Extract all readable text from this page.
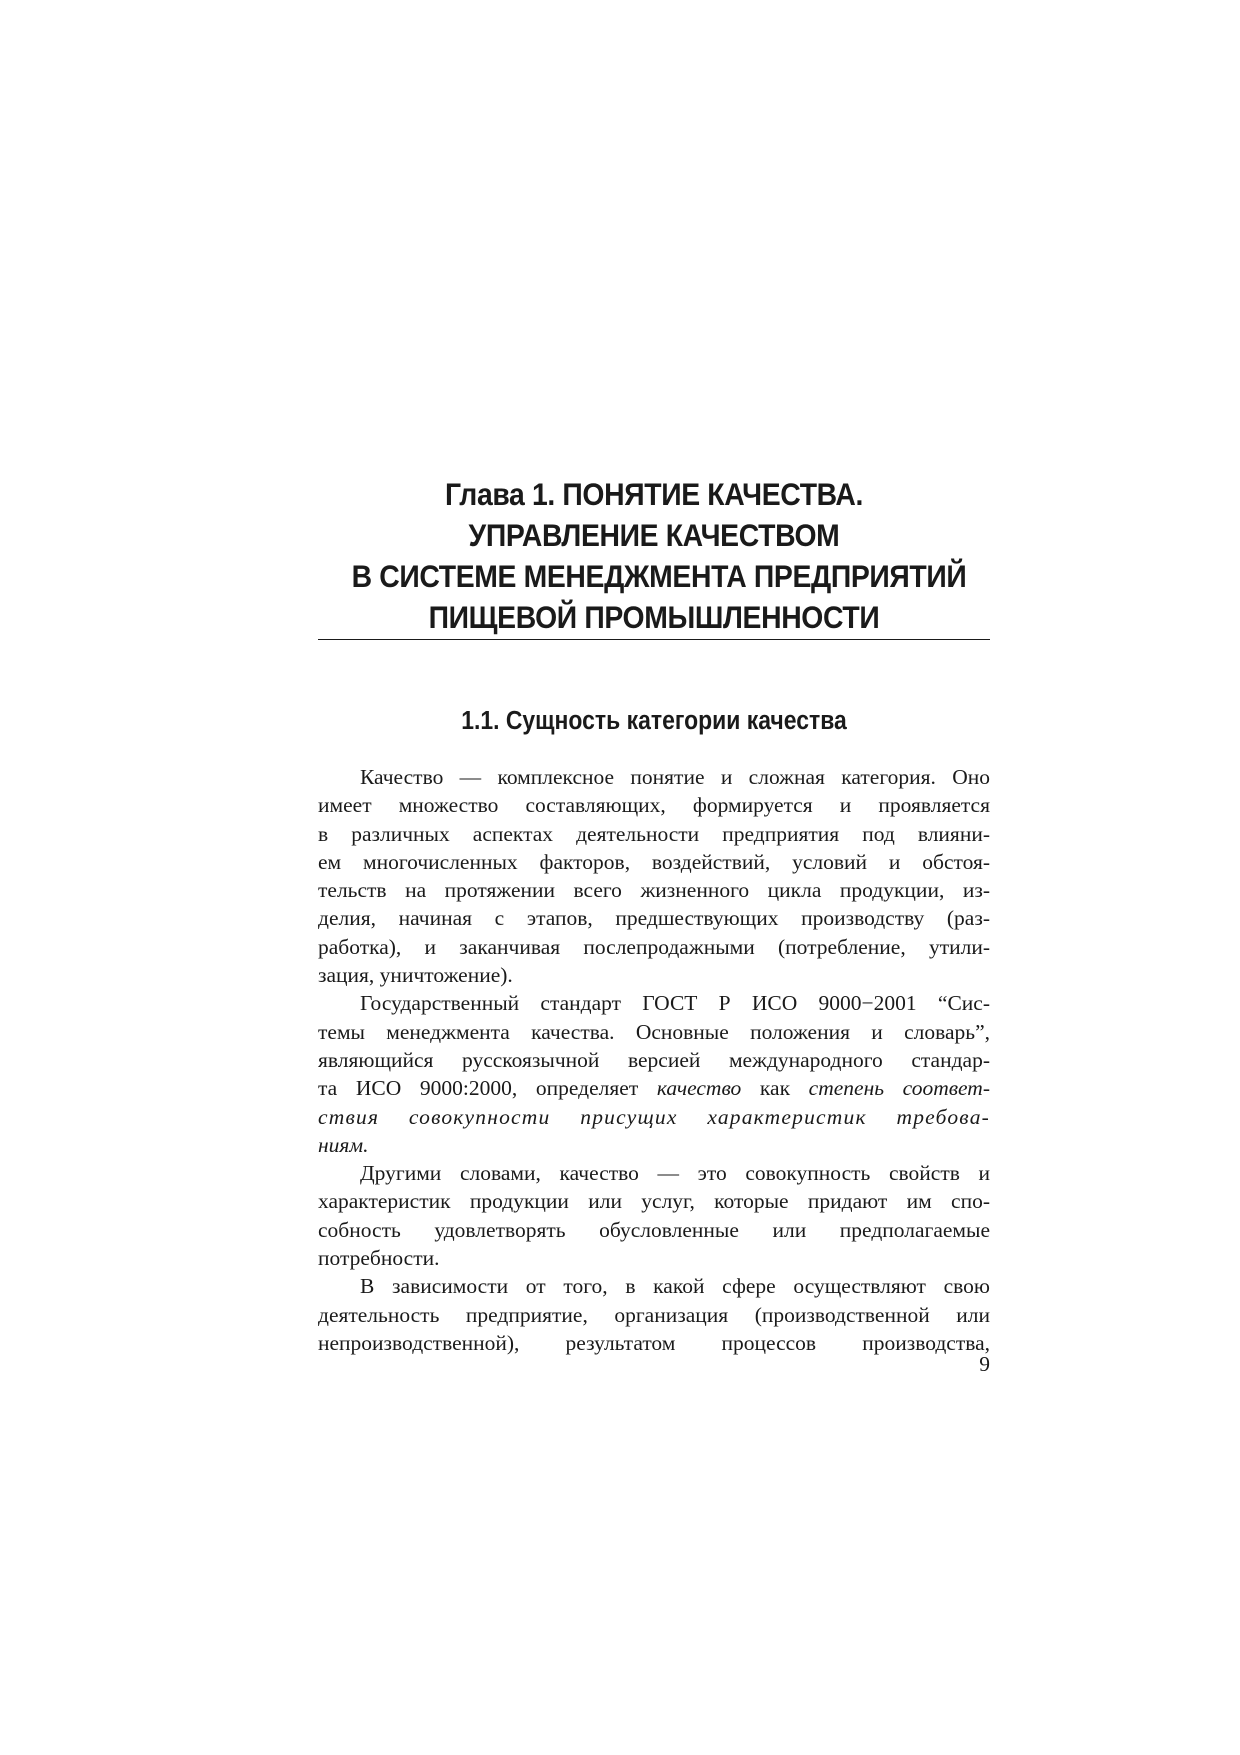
Глава 1. ПОНЯТИЕ КАЧЕСТВА.
УПРАВЛЕНИЕ КАЧЕСТВОМ
В СИСТЕМЕ МЕНЕДЖМЕНТА ПРЕДПРИЯТИЙ
ПИЩЕВОЙ ПРОМЫШЛЕННОСТИ
1.1. Сущность категории качества
Качество — комплексное понятие и сложная категория. Оно
имеет множество составляющих, формируется и проявляется
в различных аспектах деятельности предприятия под влияни-
ем многочисленных факторов, воздействий, условий и обстоя-
тельств на протяжении всего жизненного цикла продукции, из-
делия, начиная с этапов, предшествующих производству (раз-
работка), и заканчивая послепродажными (потребление, утили-
зация, уничтожение).
Государственный стандарт ГОСТ Р ИСО 9000−2001 “Сис-
темы менеджмента качества. Основные положения и словарь”,
являющийся русскоязычной версией международного стандар-
та ИСО 9000:2000, определяет качество как степень соответ-
ствия совокупности присущих характеристик требова-
ниям.
Другими словами, качество — это совокупность свойств и
характеристик продукции или услуг, которые придают им спо-
собность удовлетворять обусловленные или предполагаемые
потребности.
В зависимости от того, в какой сфере осуществляют свою
деятельность предприятие, организация (производственной или
непроизводственной), результатом процессов производства,
9
